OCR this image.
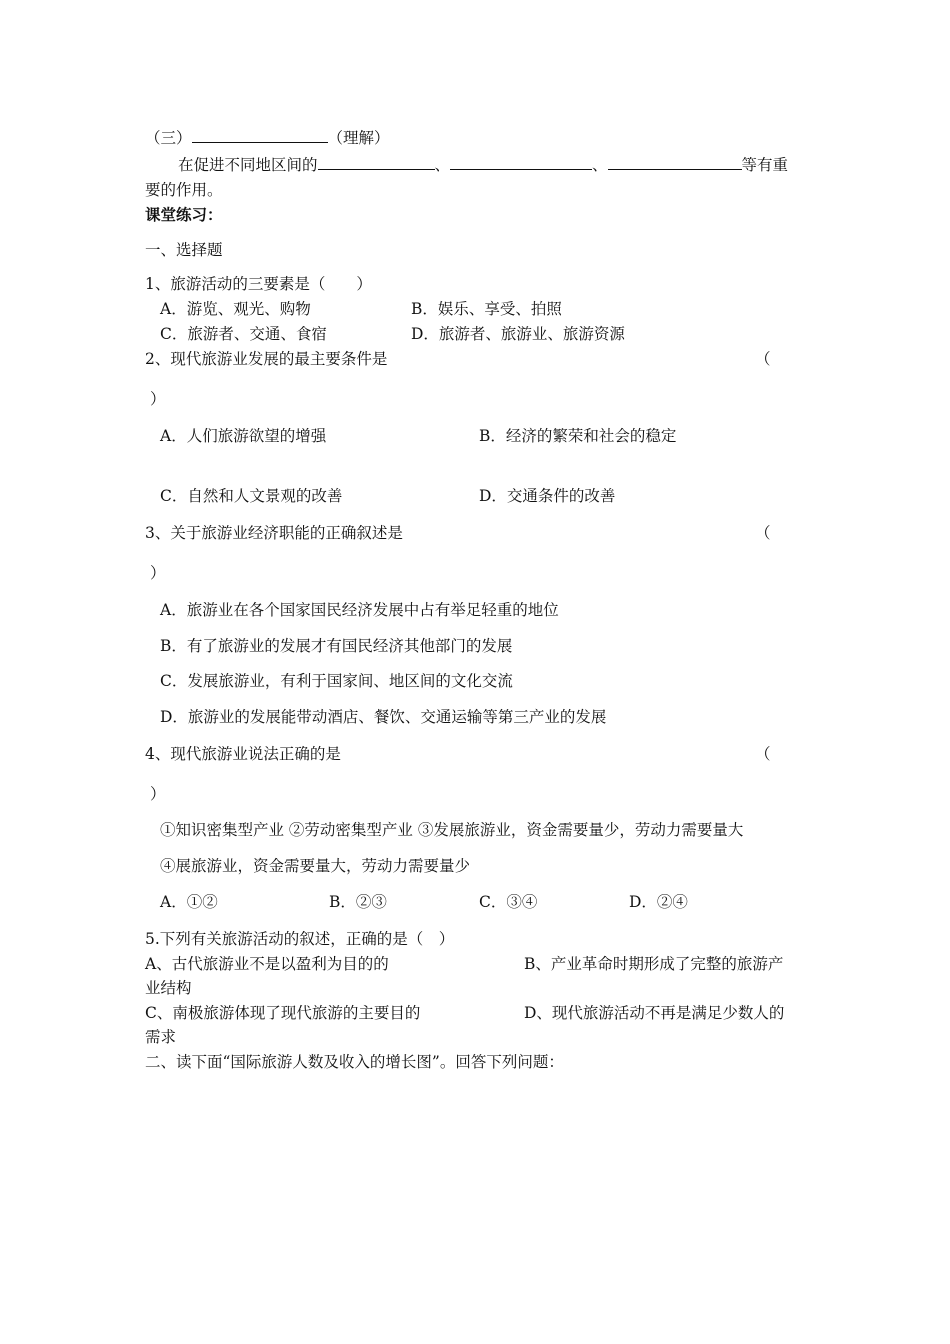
（三）	（理解）
在促进不同地区间的	、	、	等有重
要的作用。
课堂练习：
一、选择题
1、旅游活动的三要素是（　　）
A．游览、观光、购物	B．娱乐、享受、拍照
C．旅游者、交通、食宿	D．旅游者、旅游业、旅游资源
2、现代旅游业发展的最主要条件是	（
）
A．人们旅游欲望的增强	B．经济的繁荣和社会的稳定
C．自然和人文景观的改善	D．交通条件的改善
3、关于旅游业经济职能的正确叙述是	（
）
A．旅游业在各个国家国民经济发展中占有举足轻重的地位
B．有了旅游业的发展才有国民经济其他部门的发展
C．发展旅游业，有利于国家间、地区间的文化交流
D．旅游业的发展能带动酒店、餐饮、交通运输等第三产业的发展
4、现代旅游业说法正确的是	（
）
①知识密集型产业 ②劳动密集型产业 ③发展旅游业，资金需要量少，劳动力需要量大
④展旅游业，资金需要量大，劳动力需要量少
A．①②	B．②③	C．③④	D．②④
5.下列有关旅游活动的叙述，正确的是（　）
A、古代旅游业不是以盈利为目的的	B、产业革命时期形成了完整的旅游产
业结构
C、南极旅游体现了现代旅游的主要目的	D、现代旅游活动不再是满足少数人的
需求
二、读下面“国际旅游人数及收入的增长图”。回答下列问题：
